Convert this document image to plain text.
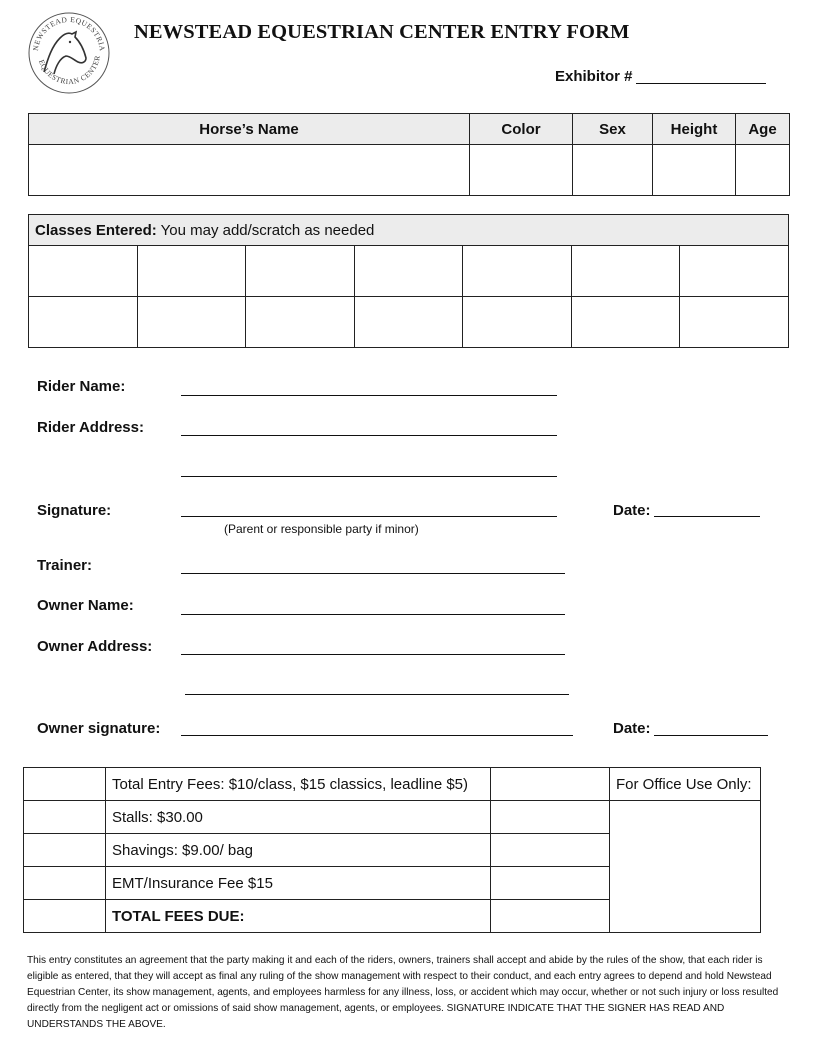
NEWSTEAD EQUESTRIA
EQUESTRIAN CENTER
NEWSTEAD EQUESTRIAN CENTER ENTRY FORM
Exhibitor #
Horse’s Name	Color	Sex	Height	Age

Classes Entered: You may add/scratch as needed						

Rider Name:
Rider Address:
Signature:
(Parent or responsible party if minor)
Date:
Trainer:
Owner Name:
Owner Address:
Owner signature:	Date:
	Total Entry Fees: $10/class, $15 classics, leadline $5)		For Office Use Only:
	Stalls: $30.00		
	Shavings: $9.00/ bag		
	EMT/Insurance Fee $15		
	TOTAL FEES DUE:		
This entry constitutes an agreement that the party making it and each of the riders, owners, trainers shall accept and abide by the rules of the show, that each rider is eligible as entered, that they will accept as final any ruling of the show management with respect to their conduct, and each entry agrees to depend and hold Newstead Equestrian Center, its show management, agents, and employees harmless for any illness, loss, or accident which may occur, whether or not such injury or loss resulted directly from the negligent act or omissions of said show management, agents, or employees. SIGNATURE INDICATE THAT THE SIGNER HAS READ AND UNDERSTANDS THE ABOVE.
